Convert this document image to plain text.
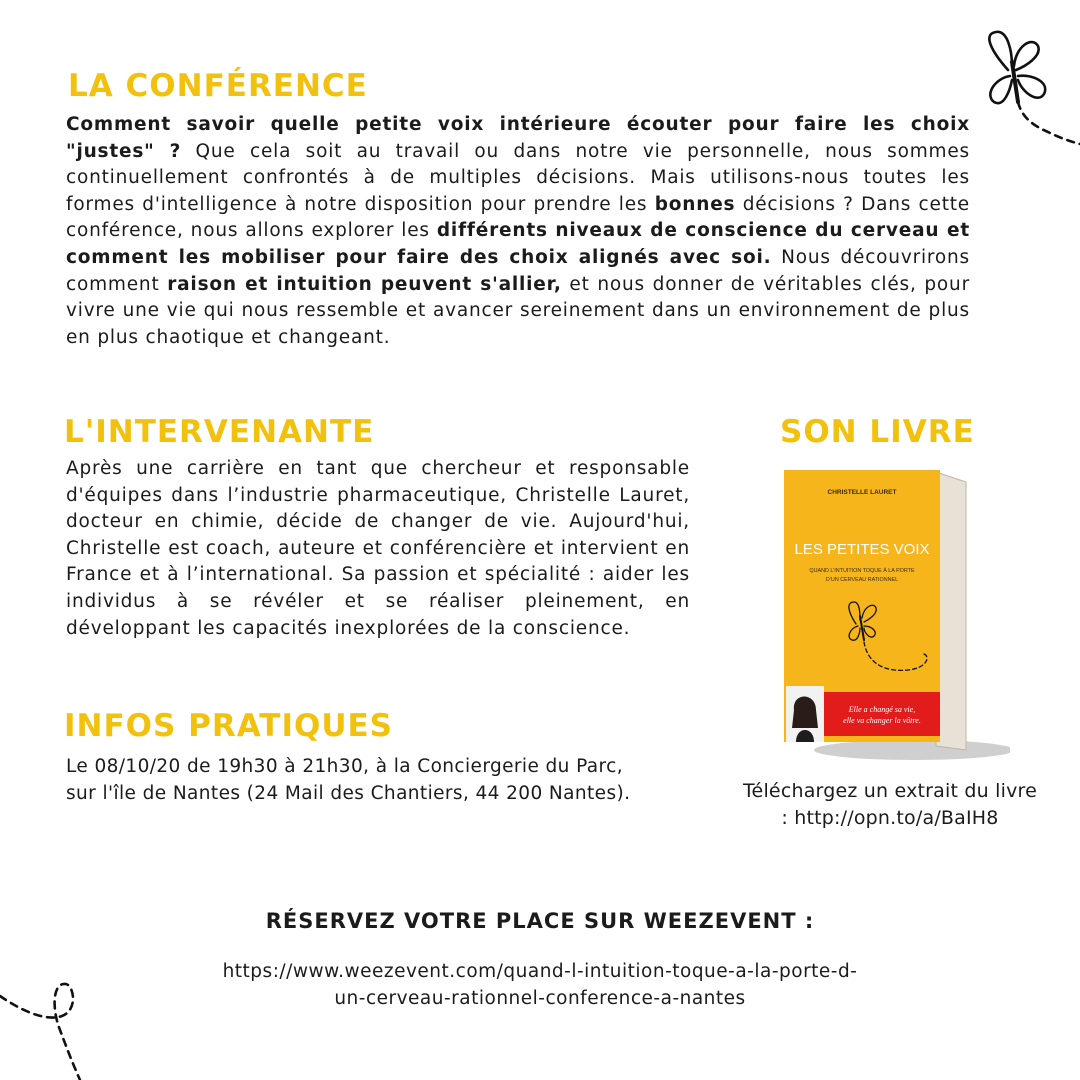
LA CONFÉRENCE

Comment savoir quelle petite voix intérieure écouter pour faire les choix "justes" ? Que cela soit au travail ou dans notre vie personnelle, nous sommes continuellement confrontés à de multiples décisions. Mais utilisons-nous toutes les formes d'intelligence à notre disposition pour prendre les bonnes décisions ? Dans cette conférence, nous allons explorer les différents niveaux de conscience du cerveau et comment les mobiliser pour faire des choix alignés avec soi. Nous découvrirons comment raison et intuition peuvent s'allier, et nous donner de véritables clés, pour vivre une vie qui nous ressemble et avancer sereinement dans un environnement de plus en plus chaotique et changeant.

L'INTERVENANTE

Après une carrière en tant que chercheur et responsable d'équipes dans l’industrie pharmaceutique, Christelle Lauret, docteur en chimie, décide de changer de vie. Aujourd'hui, Christelle est coach, auteure et conférencière et intervient en France et à l’international. Sa passion et spécialité : aider les individus à se révéler et se réaliser pleinement, en développant les capacités inexplorées de la conscience.

SON LIVRE
CHRISTELLE LAURET
LES PETITES VOIX
QUAND L’INTUITION TOQUE À LA PORTE
D’UN CERVEAU RATIONNEL
Elle a changé sa vie,
elle va changer la vôtre.

Téléchargez un extrait du livre : http://opn.to/a/BaIH8

INFOS PRATIQUES

Le 08/10/20 de 19h30 à 21h30, à la Conciergerie du Parc, sur l'île de Nantes (24 Mail des Chantiers, 44 200 Nantes).

RÉSERVEZ VOTRE PLACE SUR WEEZEVENT :

https://www.weezevent.com/quand-l-intuition-toque-a-la-porte-d-un-cerveau-rationnel-conference-a-nantes
